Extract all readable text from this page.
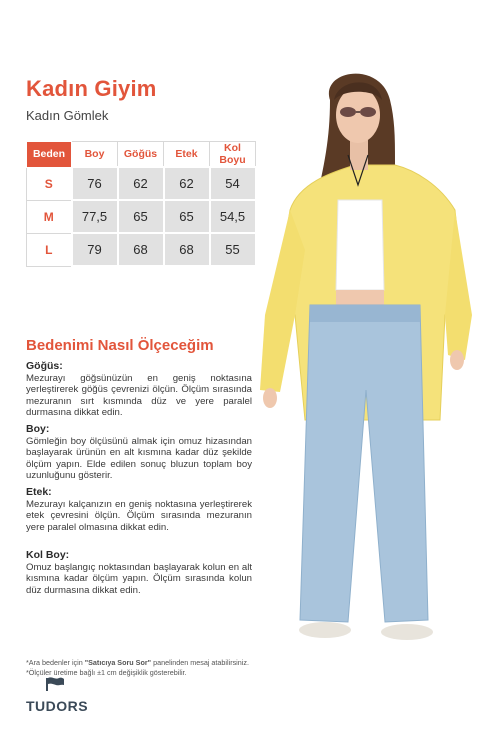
Kadın Giyim
Kadın Gömlek
Beden	Boy	Göğüs	Etek	Kol Boyu
S	76	62	62	54
M	77,5	65	65	54,5
L	79	68	68	55
Bedenimi Nasıl Ölçeceğim

Göğüs:

Mezurayı göğsünüzün en geniş noktasına yerleştirerek göğüs çevrenizi ölçün. Ölçüm sırasında mezuranın sırt kısmında düz ve yere paralel durmasına dikkat edin.

Boy:

Gömleğin boy ölçüsünü almak için omuz hizasından başlayarak ürünün en alt kısmına kadar düz şekilde ölçüm yapın. Elde edilen sonuç bluzun toplam boy uzunluğunu gösterir.

Etek:

Mezurayı kalçanızın en geniş noktasına yerleştirerek etek çevresini ölçün. Ölçüm sırasında mezuranın yere paralel olmasına dikkat edin.

Kol Boy:

Omuz başlangıç noktasından başlayarak kolun en alt kısmına kadar ölçüm yapın. Ölçüm sırasında kolun düz durmasına dikkat edin.

*Ara bedenler için "Satıcıya Soru Sor" panelinden mesaj atabilirsiniz.
*Ölçüler üretime bağlı ±1 cm değişiklik gösterebilir.
TUDORS
